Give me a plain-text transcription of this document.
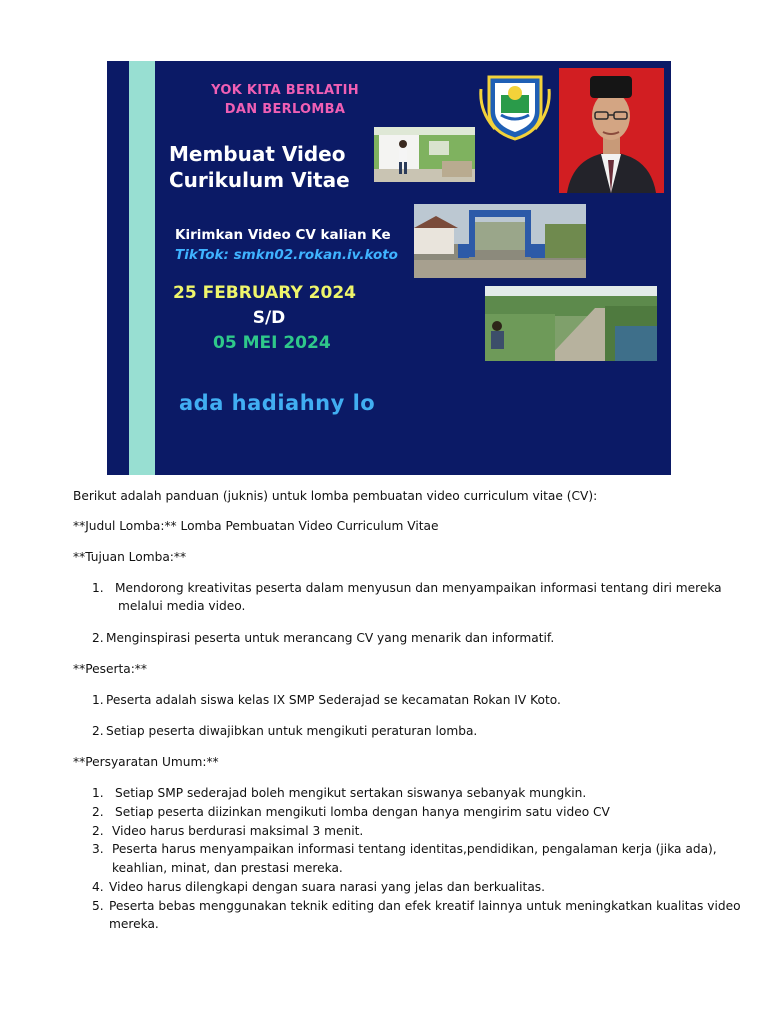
YOK KITA BERLATIH
DAN BERLOMBA
Membuat Video
Curikulum Vitae
Kirimkan Video CV kalian Ke
TikTok: smkn02.rokan.iv.koto
25 FEBRUARY 2024
S/D
05 MEI 2024
ada hadiahny lo
Berikut adalah panduan (juknis) untuk lomba pembuatan video curriculum vitae (CV):
**Judul Lomba:** Lomba Pembuatan Video Curriculum Vitae
**Tujuan Lomba:**
1. Mendorong kreativitas peserta dalam menyusun dan menyampaikan informasi tentang diri mereka
melalui media video.
2. Menginspirasi peserta untuk merancang CV yang menarik dan informatif.
**Peserta:**
1. Peserta adalah siswa kelas IX SMP Sederajad se kecamatan Rokan IV Koto.
2. Setiap peserta diwajibkan untuk mengikuti peraturan lomba.
**Persyaratan Umum:**
1. Setiap SMP sederajad boleh mengikut sertakan siswanya sebanyak mungkin.
2. Setiap peserta diizinkan mengikuti lomba dengan hanya mengirim satu video CV
2. Video harus berdurasi maksimal 3 menit.
3. Peserta harus menyampaikan informasi tentang identitas,pendidikan, pengalaman kerja (jika ada),
keahlian, minat, dan prestasi mereka.
4. Video harus dilengkapi dengan suara narasi yang jelas dan berkualitas.
5. Peserta bebas menggunakan teknik editing dan efek kreatif lainnya untuk meningkatkan kualitas video
mereka.
